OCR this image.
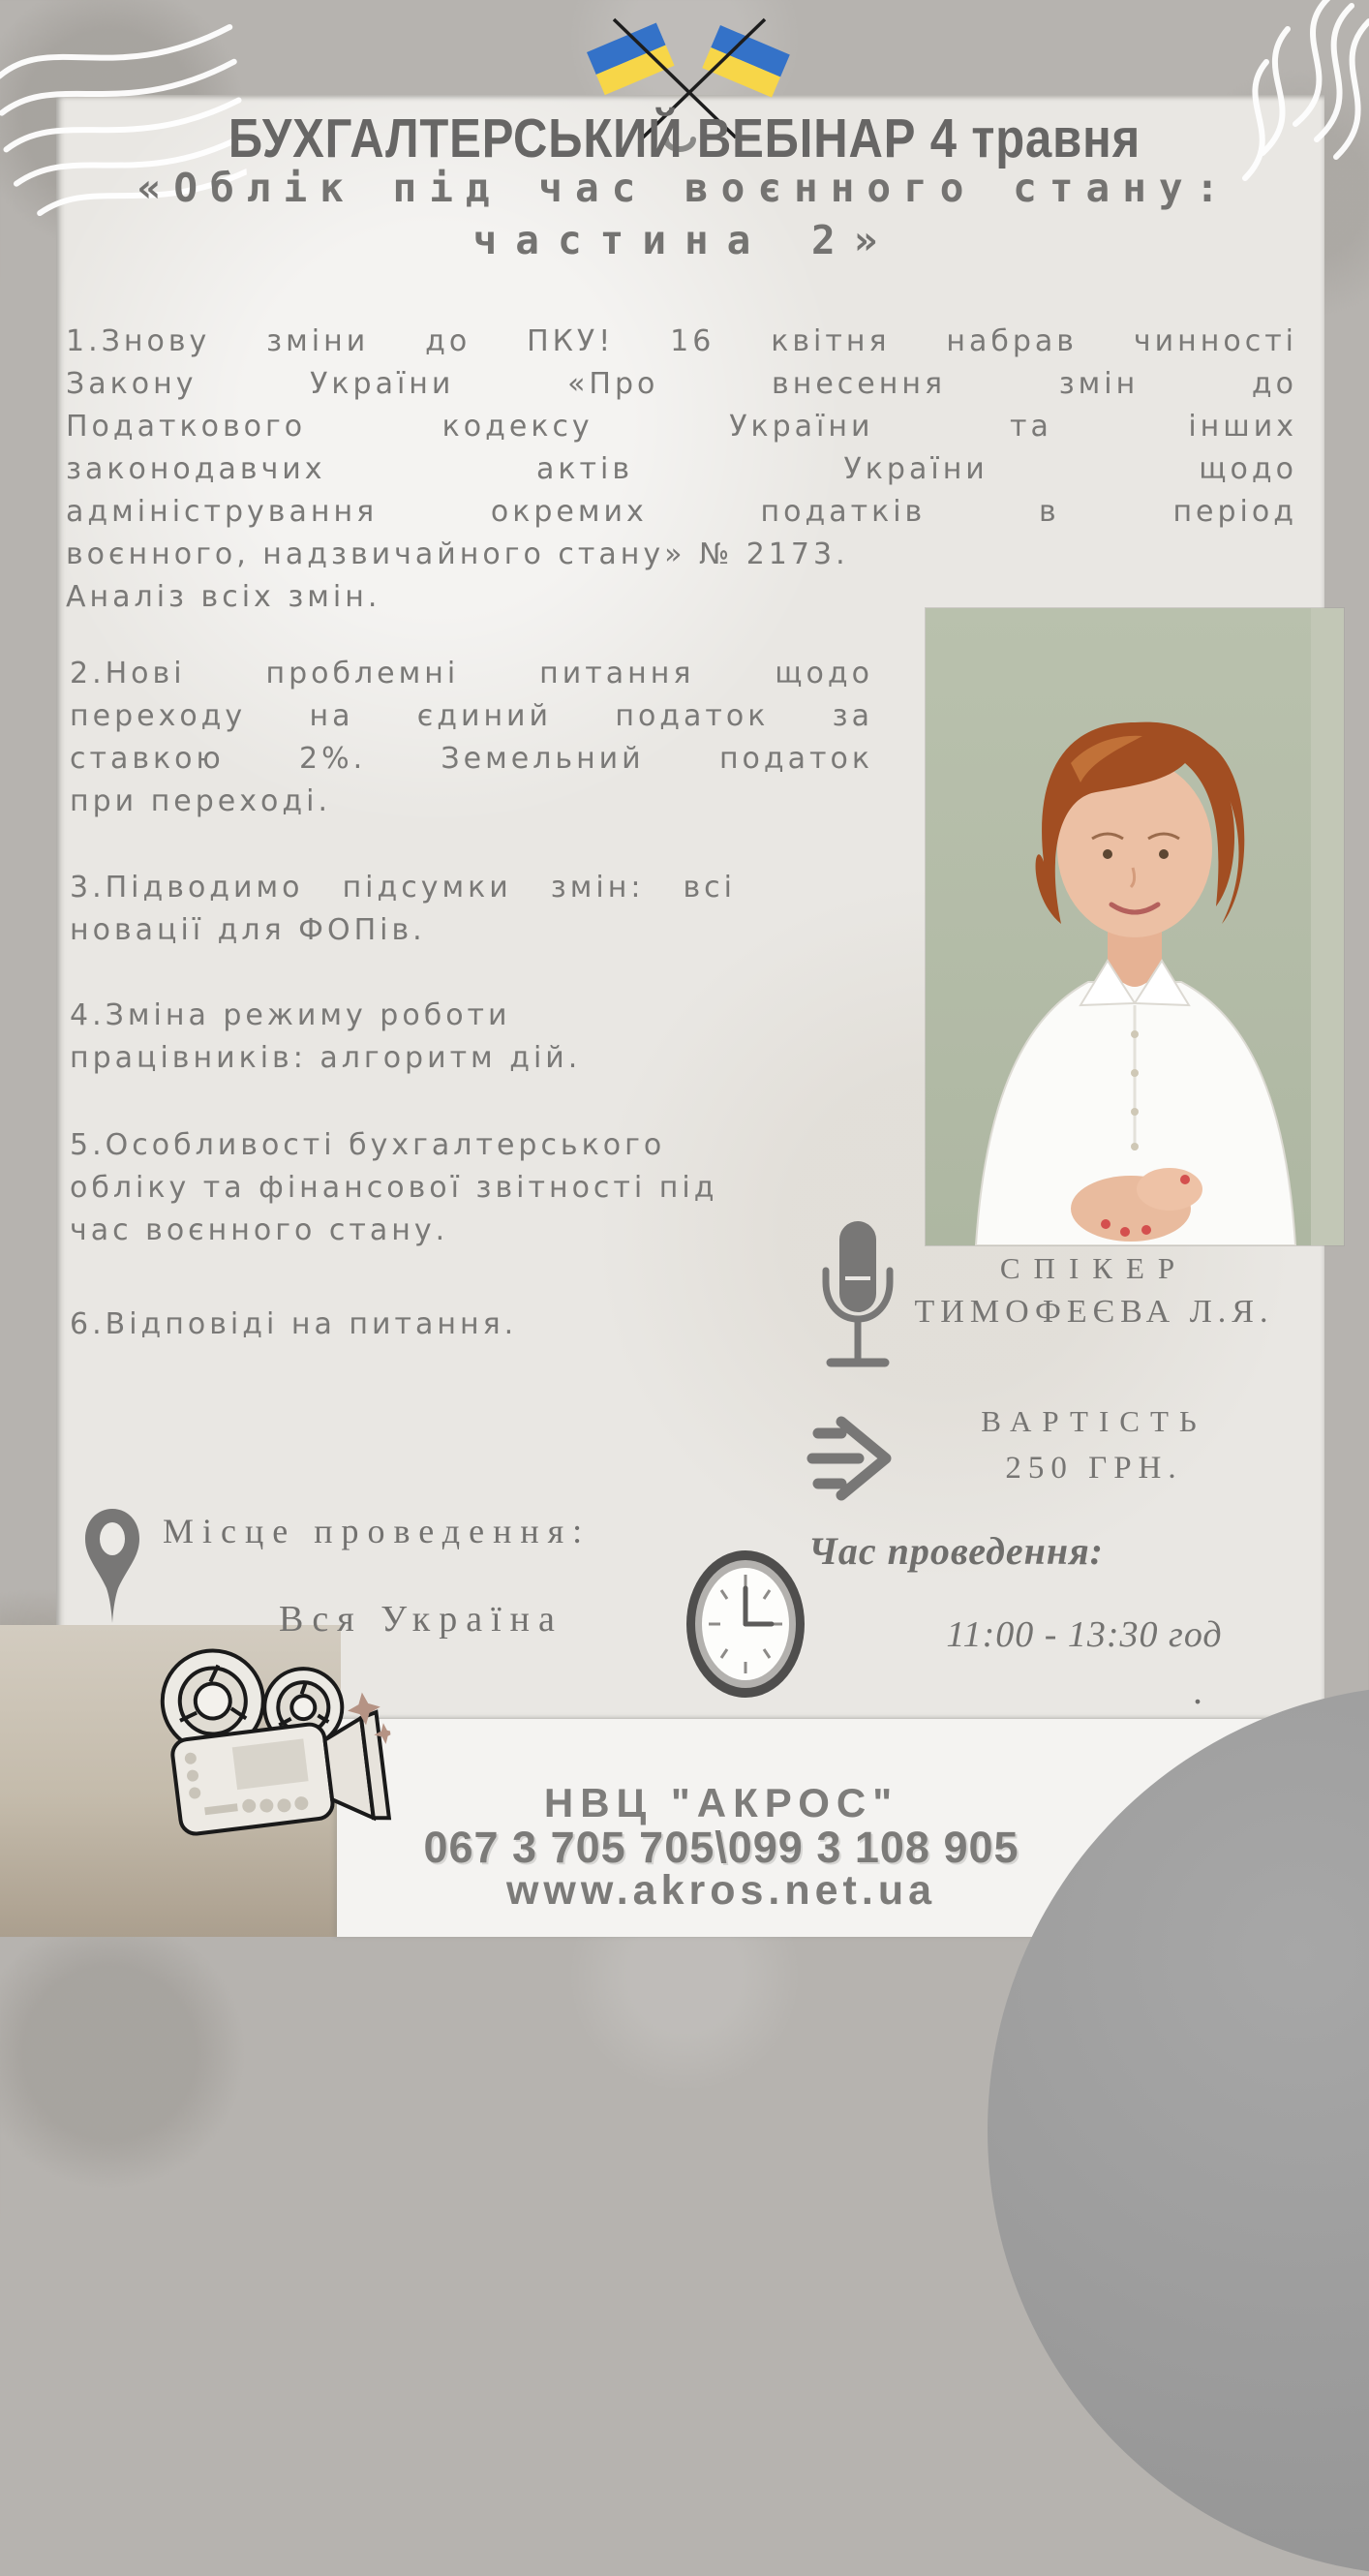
БУХГАЛТЕРСЬКИЙ ВЕБІНАР 4 травня
«Облік під час воєнного стану:
частина 2»
1.Знову зміни до ПКУ! 16 квітня набрав чинності
Закону України «Про внесення змін до
Податкового кодексу України та інших
законодавчих актів України щодо
адміністрування окремих податків в період
воєнного, надзвичайного стану» № 2173.
Аналіз всіх змін.
2.Нові проблемні питання щодо
переходу на єдиний податок за
ставкою 2%. Земельний податок
при переході.
3.Підводимо підсумки змін: всі
новації для ФОПів.
4.Зміна режиму роботи
працівників: алгоритм дій.
5.Особливості бухгалтерського
обліку та фінансової звітності під
час воєнного стану.
6.Відповіді на питання.
СПІКЕР
ТИМОФЕЄВА Л.Я.
ВАРТІСТЬ
250 ГРН.
Час проведення:
11:00 - 13:30 год
.
Місце проведення:
Вся Україна
НВЦ "АКРОС"
067 3 705 705\099 3 108 905
www.akros.net.ua
